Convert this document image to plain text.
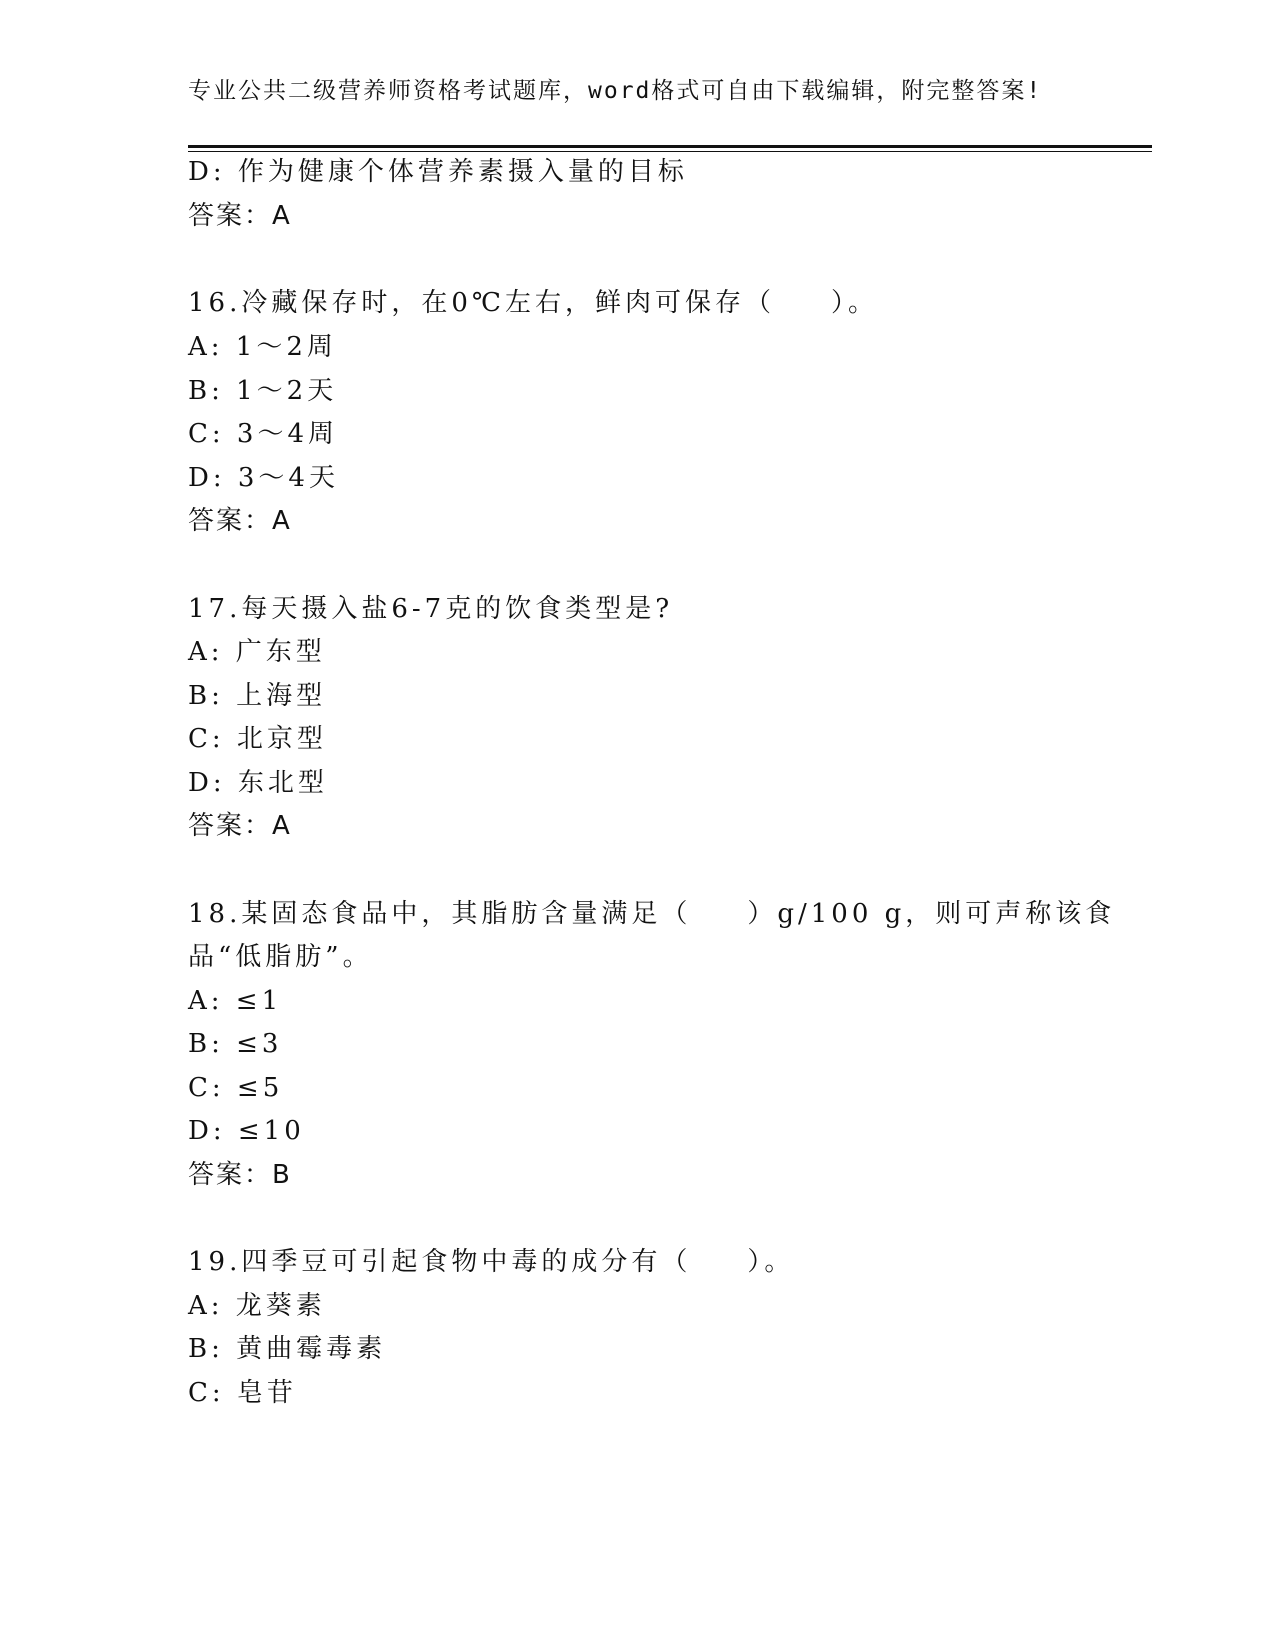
专业公共二级营养师资格考试题库，word格式可自由下载编辑，附完整答案!
D: 作为健康个体营养素摄入量的目标
答案：A
16.冷藏保存时，在0℃左右，鲜肉可保存（ ）。
A: 1～2周
B: 1～2天
C: 3～4周
D: 3～4天
答案：A
17.每天摄入盐6-7克的饮食类型是?
A: 广东型
B: 上海型
C: 北京型
D: 东北型
答案：A
18.某固态食品中，其脂肪含量满足（ ）g/100 g，则可声称该食
品“低脂肪”。
A: ≤1
B: ≤3
C: ≤5
D: ≤10
答案：B
19.四季豆可引起食物中毒的成分有（ ）。
A: 龙葵素
B: 黄曲霉毒素
C: 皂苷
